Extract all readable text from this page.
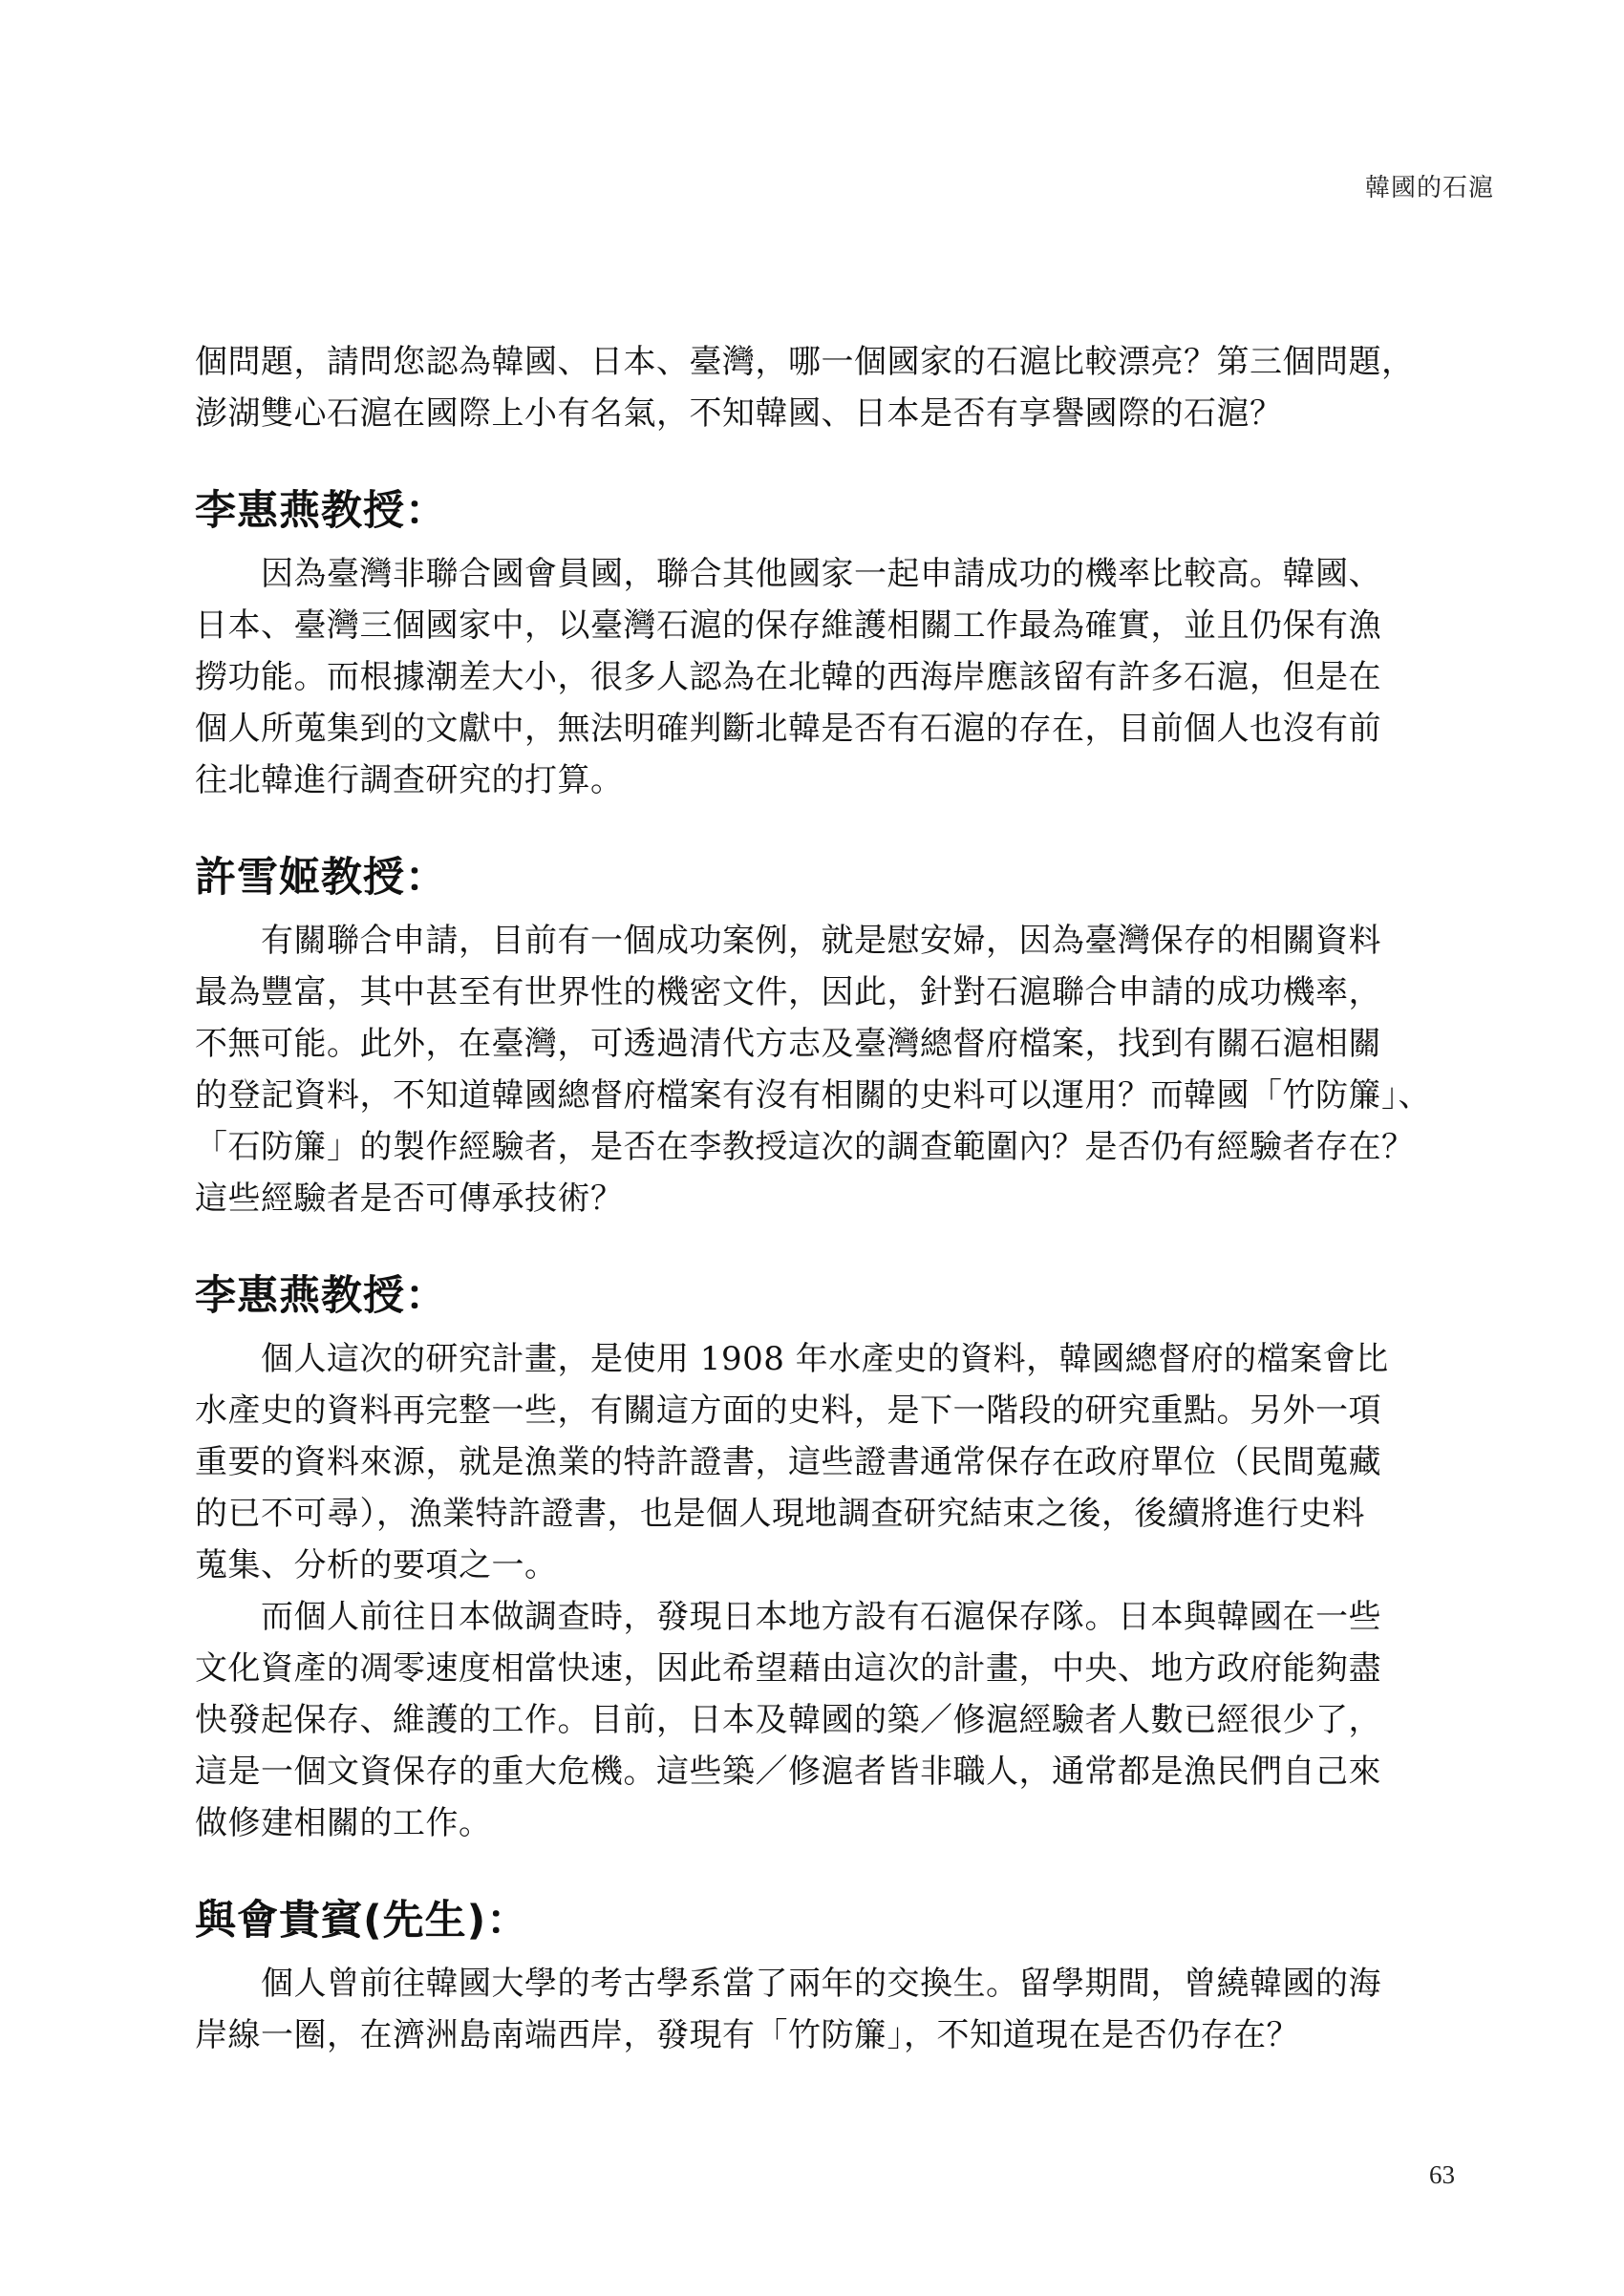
韓國的石滬
個問題，請問您認為韓國、日本、臺灣，哪一個國家的石滬比較漂亮？第三個問題，
澎湖雙心石滬在國際上小有名氣，不知韓國、日本是否有享譽國際的石滬？
李惠燕教授：
　　因為臺灣非聯合國會員國，聯合其他國家一起申請成功的機率比較高。韓國、
日本、臺灣三個國家中，以臺灣石滬的保存維護相關工作最為確實，並且仍保有漁
撈功能。而根據潮差大小，很多人認為在北韓的西海岸應該留有許多石滬，但是在
個人所蒐集到的文獻中，無法明確判斷北韓是否有石滬的存在，目前個人也沒有前
往北韓進行調查研究的打算。
許雪姬教授：
　　有關聯合申請，目前有一個成功案例，就是慰安婦，因為臺灣保存的相關資料
最為豐富，其中甚至有世界性的機密文件，因此，針對石滬聯合申請的成功機率，
不無可能。此外，在臺灣，可透過清代方志及臺灣總督府檔案，找到有關石滬相關
的登記資料，不知道韓國總督府檔案有沒有相關的史料可以運用？而韓國「竹防簾」、
「石防簾」的製作經驗者，是否在李教授這次的調查範圍內？是否仍有經驗者存在？
這些經驗者是否可傳承技術？
李惠燕教授：
　　個人這次的研究計畫，是使用 1908 年水產史的資料，韓國總督府的檔案會比
水產史的資料再完整一些，有關這方面的史料，是下一階段的研究重點。另外一項
重要的資料來源，就是漁業的特許證書，這些證書通常保存在政府單位（民間蒐藏
的已不可尋），漁業特許證書，也是個人現地調查研究結束之後，後續將進行史料
蒐集、分析的要項之一。
　　而個人前往日本做調查時，發現日本地方設有石滬保存隊。日本與韓國在一些
文化資產的凋零速度相當快速，因此希望藉由這次的計畫，中央、地方政府能夠盡
快發起保存、維護的工作。目前，日本及韓國的築／修滬經驗者人數已經很少了，
這是一個文資保存的重大危機。這些築／修滬者皆非職人，通常都是漁民們自己來
做修建相關的工作。
與會貴賓(先生)：
　　個人曾前往韓國大學的考古學系當了兩年的交換生。留學期間，曾繞韓國的海
岸線一圈，在濟洲島南端西岸，發現有「竹防簾」，不知道現在是否仍存在？
63
